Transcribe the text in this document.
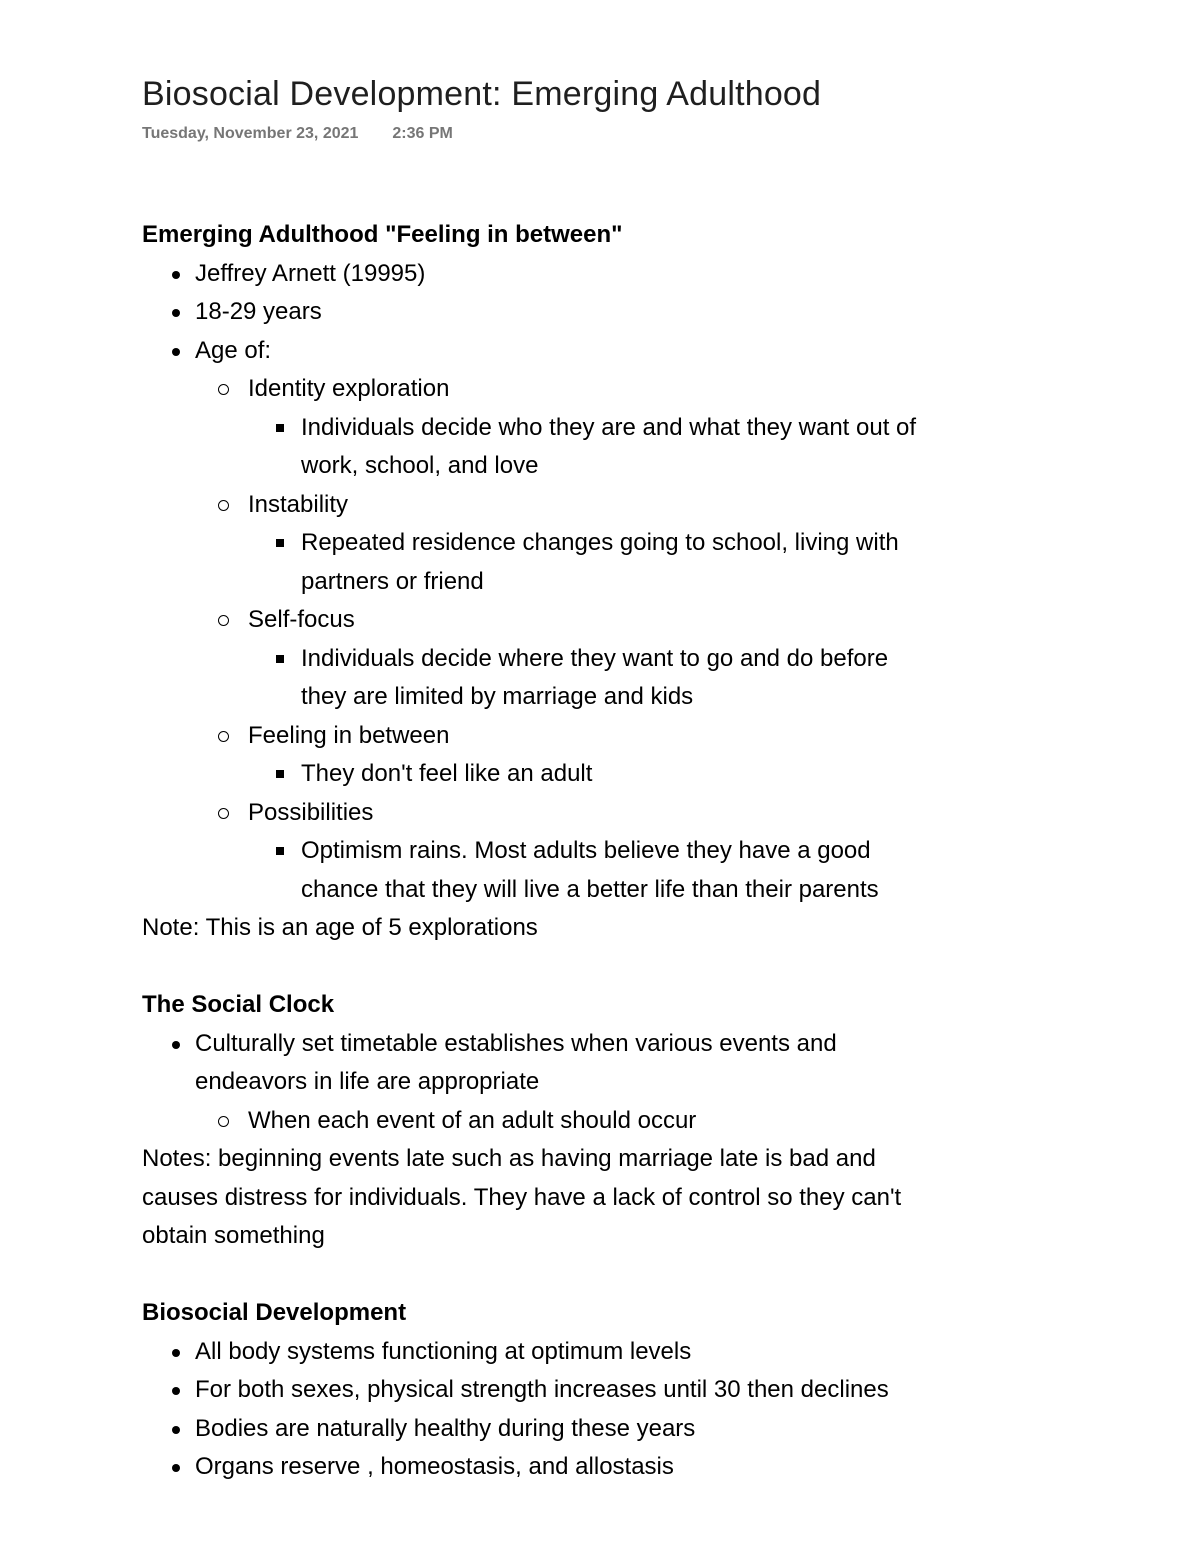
Biosocial Development: Emerging Adulthood
Tuesday, November 23, 2021 2:36 PM
Emerging Adulthood "Feeling in between"
Jeffrey Arnett (19995)
18-29 years
Age of:
Identity exploration
Individuals decide who they are and what they want out of
work, school, and love
Instability
Repeated residence changes going to school, living with
partners or friend
Self-focus
Individuals decide where they want to go and do before
they are limited by marriage and kids
Feeling in between
They don't feel like an adult
Possibilities
Optimism rains. Most adults believe they have a good
chance that they will live a better life than their parents
Note: This is an age of 5 explorations
The Social Clock
Culturally set timetable establishes when various events and
endeavors in life are appropriate
When each event of an adult should occur
Notes: beginning events late such as having marriage late is bad and
causes distress for individuals. They have a lack of control so they can't
obtain something
Biosocial Development
All body systems functioning at optimum levels
For both sexes, physical strength increases until 30 then declines
Bodies are naturally healthy during these years
Organs reserve , homeostasis, and allostasis
